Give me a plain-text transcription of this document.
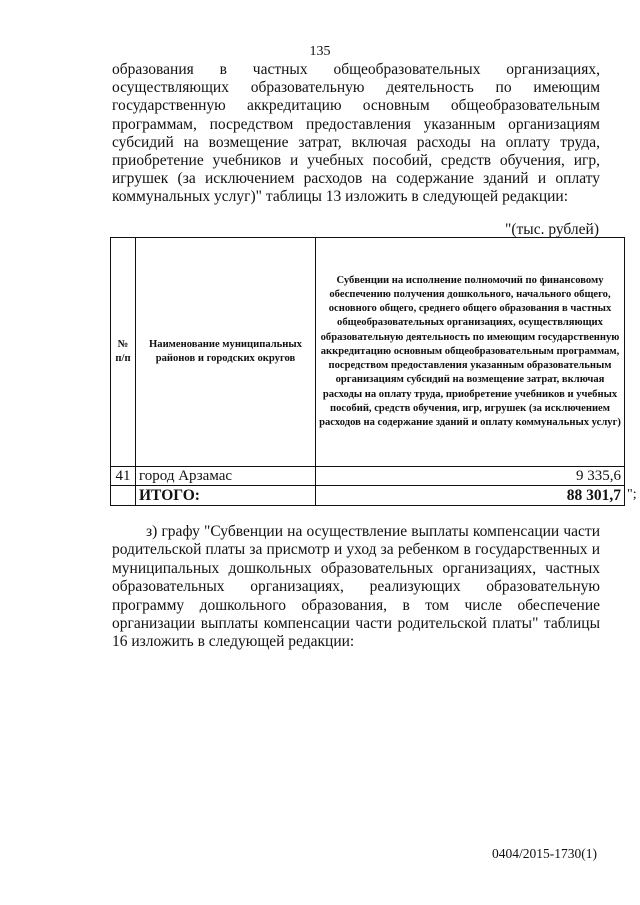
135
образования в частных общеобразовательных организациях, осуществляющих образовательную деятельность по имеющим государственную аккредитацию основным общеобразовательным программам, посредством предоставления указанным организациям субсидий на возмещение затрат, включая расходы на оплату труда, приобретение учебников и учебных пособий, средств обучения, игр, игрушек (за исключением расходов на содержание зданий и оплату коммунальных услуг)" таблицы 13 изложить в следующей редакции:
"(тыс. рублей)
№ п/п	Наименование муниципальных районов и городских округов	Субвенции на исполнение полномочий по финансовому обеспечению получения дошкольного, начального общего, основного общего, среднего общего образования в частных общеобразовательных организациях, осуществляющих образовательную деятельность по имеющим государственную аккредитацию основным общеобразовательным программам, посредством предоставления указанным образовательным организациям субсидий на возмещение затрат, включая расходы на оплату труда, приобретение учебников и учебных пособий, средств обучения, игр, игрушек (за исключением расходов на содержание зданий и оплату коммунальных услуг)
41	город Арзамас	9 335,6
	ИТОГО:	88 301,7 ";
з) графу "Субвенции на осуществление выплаты компенсации части родительской платы за присмотр и уход за ребенком в государственных и муниципальных дошкольных образовательных организациях, частных образовательных организациях, реализующих образовательную программу дошкольного образования, в том числе обеспечение организации выплаты компенсации части родительской платы" таблицы 16 изложить в следующей редакции:
0404/2015-1730(1)
